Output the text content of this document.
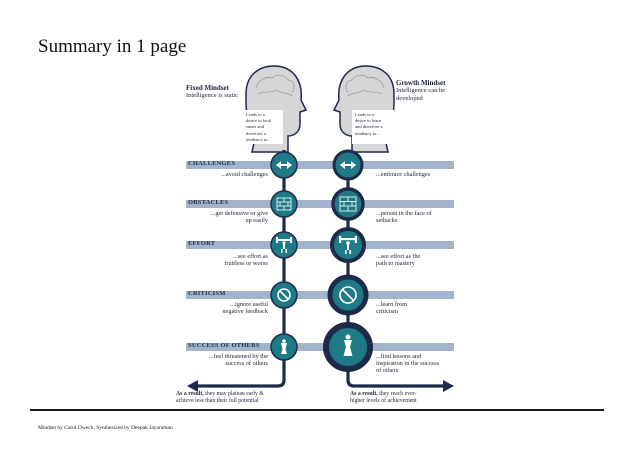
Summary in 1 page
Fixed Mindset
Intelligence is static
Growth Mindset
Intelligence can be
developed
Leads to a
desire to look
smart and
therefore a
tendency to...
Leads to a
desire to learn
and therefore a
tendency to...
CHALLENGES
OBSTACLES
EFFORT
CRITICISM
SUCCESS OF OTHERS
...avoid challenges
...get defensive or give
up easily
...see effort as
fruitless or worse
...ignore useful
negative feedback
...feel threatened by the
success of others
...embrace challenges
...persist in the face of
setbacks
...see effort as the
path to mastery
...learn from
criticism
...find lessons and
inspiration in the success
of others
As a result, they may plateau early &
achieve less than their full potential
As a result, they reach ever-
higher levels of achievement
Mindset by Carol Dweck. Synthesized by Deepak Jayaraman
